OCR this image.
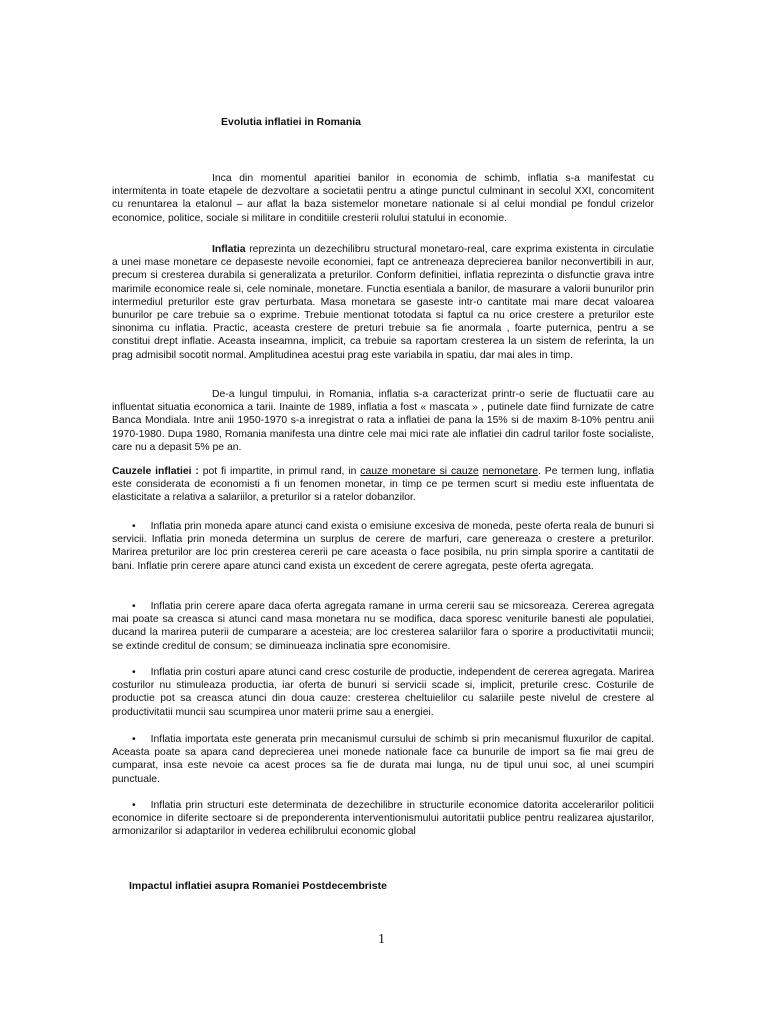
Evolutia inflatiei in Romania

Inca din momentul aparitiei banilor in economia de schimb, inflatia s-a manifestat cu intermitenta in toate etapele de dezvoltare a societatii pentru a atinge punctul culminant in secolul XXI, concomitent cu renuntarea la etalonul – aur aflat la baza sistemelor monetare nationale si al celui mondial pe fondul crizelor economice, politice, sociale si militare in conditiile cresterii rolului statului in economie.

Inflatia reprezinta un dezechilibru structural monetaro-real, care exprima existenta in circulatie a unei mase monetare ce depaseste nevoile economiei, fapt ce antreneaza deprecierea banilor neconvertibili in aur, precum si cresterea durabila si generalizata a preturilor. Conform definitiei, inflatia reprezinta o disfunctie grava intre marimile economice reale si, cele nominale, monetare. Functia esentiala a banilor, de masurare a valorii bunurilor prin intermediul preturilor este grav perturbata. Masa monetara se gaseste intr-o cantitate mai mare decat valoarea bunurilor pe care trebuie sa o exprime. Trebuie mentionat totodata si faptul ca nu orice crestere a preturilor este sinonima cu inflatia. Practic, aceasta crestere de preturi trebuie sa fie anormala , foarte puternica, pentru a se constitui drept inflatie. Aceasta inseamna, implicit, ca trebuie sa raportam cresterea la un sistem de referinta, la un prag admisibil socotit normal. Amplitudinea acestui prag este variabila in spatiu, dar mai ales in timp.

De-a lungul timpului, in Romania, inflatia s-a caracterizat printr-o serie de fluctuatii care au influentat situatia economica a tarii. Inainte de 1989, inflatia a fost « mascata » , putinele date fiind furnizate de catre Banca Mondiala. Intre anii 1950-1970 s-a inregistrat o rata a inflatiei de pana la 15% si de maxim 8-10% pentru anii 1970-1980. Dupa 1980, Romania manifesta una dintre cele mai mici rate ale inflatiei din cadrul tarilor foste socialiste, care nu a depasit 5% pe an.

Cauzele inflatiei : pot fi impartite, in primul rand, in cauze monetare si cauze nemonetare. Pe termen lung, inflatia este considerata de economisti a fi un fenomen monetar, in timp ce pe termen scurt si mediu este influentata de elasticitate a relativa a salariilor, a preturilor si a ratelor dobanzilor.

• Inflatia prin moneda apare atunci cand exista o emisiune excesiva de moneda, peste oferta reala de bunuri si servicii. Inflatia prin moneda determina un surplus de cerere de marfuri, care genereaza o crestere a preturilor. Marirea preturilor are loc prin cresterea cererii pe care aceasta o face posibila, nu prin simpla sporire a cantitatii de bani. Inflatie prin cerere apare atunci cand exista un excedent de cerere agregata, peste oferta agregata.

• Inflatia prin cerere apare daca oferta agregata ramane in urma cererii sau se micsoreaza. Cererea agregata mai poate sa creasca si atunci cand masa monetara nu se modifica, daca sporesc veniturile banesti ale populatiei, ducand la marirea puterii de cumparare a acesteia; are loc cresterea salariilor fara o sporire a productivitatii muncii; se extinde creditul de consum; se diminueaza inclinatia spre economisire.

• Inflatia prin costuri apare atunci cand cresc costurile de productie, independent de cererea agregata. Marirea costurilor nu stimuleaza productia, iar oferta de bunuri si servicii scade si, implicit, preturile cresc. Costurile de productie pot sa creasca atunci din doua cauze: cresterea cheltuielilor cu salariile peste nivelul de crestere al productivitatii muncii sau scumpirea unor materii prime sau a energiei.

• Inflatia importata este generata prin mecanismul cursului de schimb si prin mecanismul fluxurilor de capital. Aceasta poate sa apara cand deprecierea unei monede nationale face ca bunurile de import sa fie mai greu de cumparat, insa este nevoie ca acest proces sa fie de durata mai lunga, nu de tipul unui soc, al unei scumpiri punctuale.

• Inflatia prin structuri este determinata de dezechilibre in structurile economice datorita accelerarilor politicii economice in diferite sectoare si de preponderenta interventionismului autoritatii publice pentru realizarea ajustarilor, armonizarilor si adaptarilor in vederea echilibrului economic global

Impactul inflatiei asupra Romaniei Postdecembriste
1
